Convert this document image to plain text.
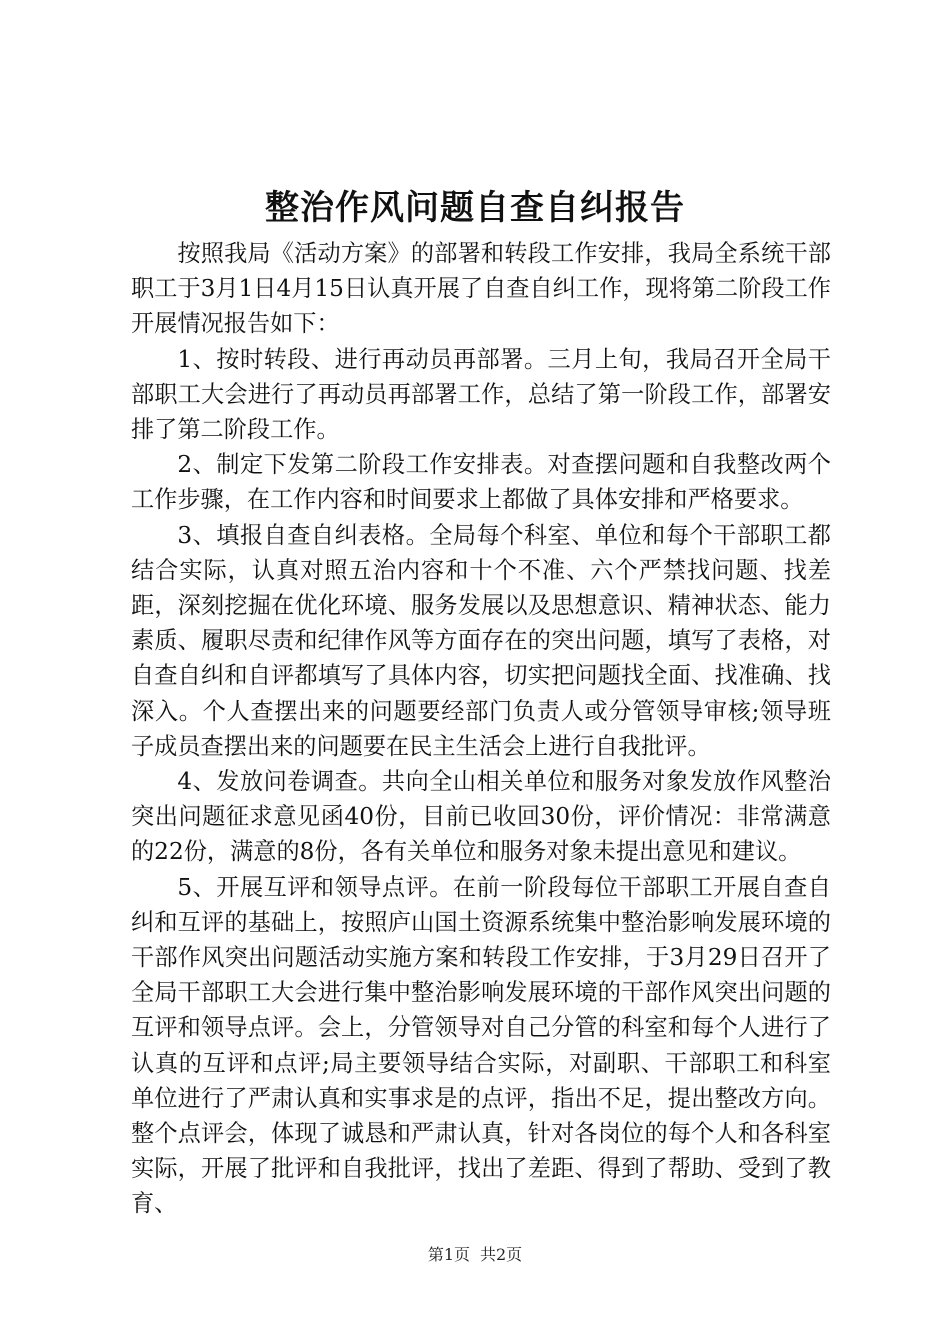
整治作风问题自查自纠报告

按照我局《活动方案》的部署和转段工作安排，我局全系统干部职工于3月1日4月15日认真开展了自查自纠工作，现将第二阶段工作开展情况报告如下：

1、按时转段、进行再动员再部署。三月上旬，我局召开全局干部职工大会进行了再动员再部署工作，总结了第一阶段工作，部署安排了第二阶段工作。

2、制定下发第二阶段工作安排表。对查摆问题和自我整改两个工作步骤，在工作内容和时间要求上都做了具体安排和严格要求。

3、填报自查自纠表格。全局每个科室、单位和每个干部职工都结合实际，认真对照五治内容和十个不准、六个严禁找问题、找差距，深刻挖掘在优化环境、服务发展以及思想意识、精神状态、能力素质、履职尽责和纪律作风等方面存在的突出问题，填写了表格，对自查自纠和自评都填写了具体内容，切实把问题找全面、找准确、找深入。个人查摆出来的问题要经部门负责人或分管领导审核;领导班子成员查摆出来的问题要在民主生活会上进行自我批评。

4、发放问卷调查。共向全山相关单位和服务对象发放作风整治突出问题征求意见函40份，目前已收回30份，评价情况：非常满意的22份，满意的8份，各有关单位和服务对象未提出意见和建议。

5、开展互评和领导点评。在前一阶段每位干部职工开展自查自纠和互评的基础上，按照庐山国土资源系统集中整治影响发展环境的干部作风突出问题活动实施方案和转段工作安排，于3月29日召开了全局干部职工大会进行集中整治影响发展环境的干部作风突出问题的互评和领导点评。会上，分管领导对自己分管的科室和每个人进行了认真的互评和点评;局主要领导结合实际，对副职、干部职工和科室单位进行了严肃认真和实事求是的点评，指出不足，提出整改方向。整个点评会，体现了诚恳和严肃认真，针对各岗位的每个人和各科室实际，开展了批评和自我批评，找出了差距、得到了帮助、受到了教育、

第1页 共2页
